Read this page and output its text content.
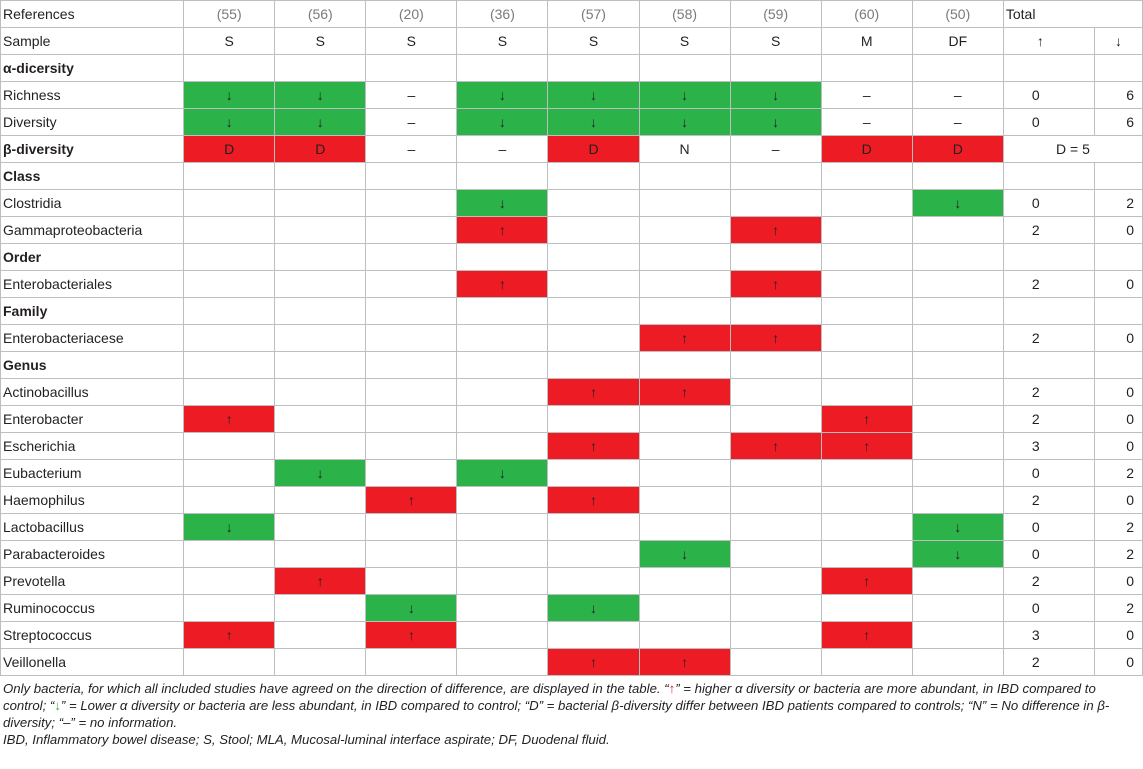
References	(55)	(56)	(20)	(36)	(57)	(58)	(59)	(60)	(50)	Total	
Sample	S	S	S	S	S	S	S	M	DF	↑	↓
α-dicersity											
Richness	↓	↓	–	↓	↓	↓	↓	–	–	0	6
Diversity	↓	↓	–	↓	↓	↓	↓	–	–	0	6
β-diversity	D	D	–	–	D	N	–	D	D	D = 5	
Class											
Clostridia				↓					↓	0	2
Gammaproteobacteria				↑			↑			2	0
Order											
Enterobacteriales				↑			↑			2	0
Family											
Enterobacteriacese						↑	↑			2	0
Genus											
Actinobacillus					↑	↑				2	0
Enterobacter	↑							↑		2	0
Escherichia					↑		↑	↑		3	0
Eubacterium		↓		↓						0	2
Haemophilus			↑		↑					2	0
Lactobacillus	↓								↓	0	2
Parabacteroides						↓			↓	0	2
Prevotella		↑						↑		2	0
Ruminococcus			↓		↓					0	2
Streptococcus	↑		↑					↑		3	0
Veillonella					↑	↑				2	0

Only bacteria, for which all included studies have agreed on the direction of difference, are displayed in the table. “↑” = higher α diversity or bacteria are more abundant, in IBD compared to control; “↓” = Lower α diversity or bacteria are less abundant, in IBD compared to control; “D” = bacterial β-diversity differ between IBD patients compared to controls; “N” = No difference in β-diversity; “–” = no information.

IBD, Inflammatory bowel disease; S, Stool; MLA, Mucosal-luminal interface aspirate; DF, Duodenal fluid.
